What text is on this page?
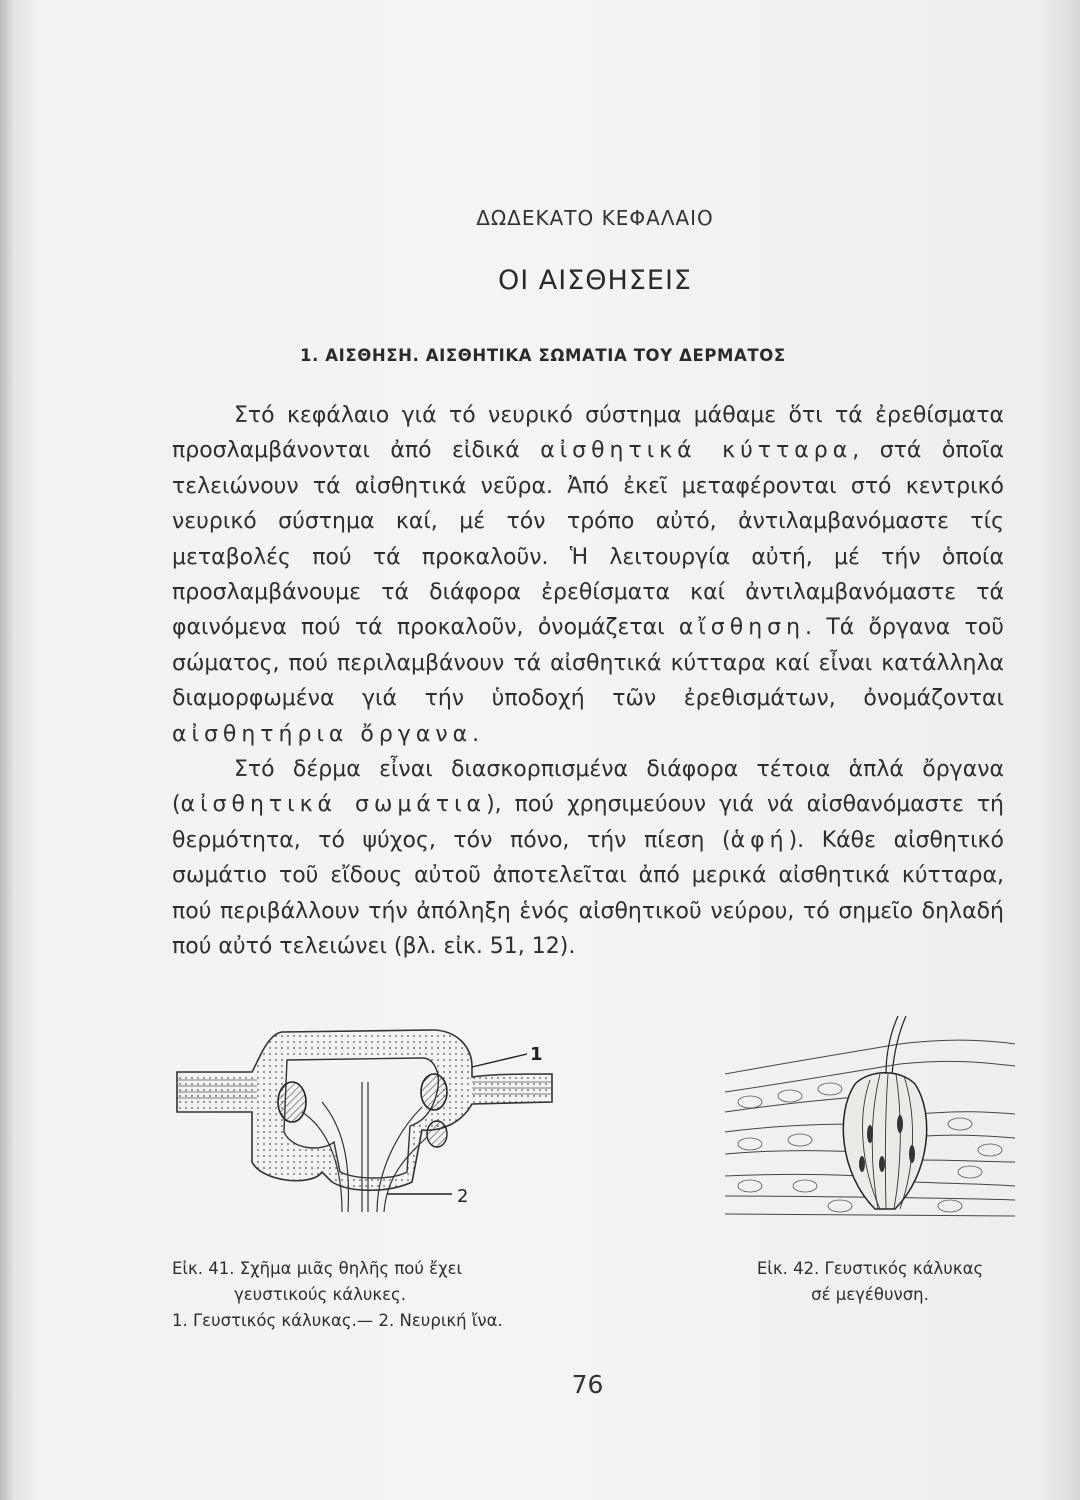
ΔΩΔΕΚΑΤΟ ΚΕΦΑΛΑΙΟ
ΟΙ ΑΙΣΘΗΣΕΙΣ
1. ΑΙΣΘΗΣΗ. ΑΙΣΘΗΤΙΚΑ ΣΩΜΑΤΙΑ ΤΟΥ ΔΕΡΜΑΤΟΣ

Στό κεφάλαιο γιά τό νευρικό σύστημα μάθαμε ὅτι τά ἐρεθίσματα προσλαμβάνονται ἀπό εἰδικά αἰσθητικά κύτταρα, στά ὁποῖα τελειώνουν τά αἰσθητικά νεῦρα. Ἀπό ἐκεῖ μεταφέρονται στό κεντρικό νευρικό σύστημα καί, μέ τόν τρόπο αὐτό, ἀντιλαμβανόμαστε τίς μεταβολές πού τά προκαλοῦν. Ἡ λειτουργία αὐτή, μέ τήν ὁποία προσλαμβάνουμε τά διάφορα ἐρεθίσματα καί ἀντιλαμβανόμαστε τά φαινόμενα πού τά προκαλοῦν, ὀνομάζεται αἴσθηση. Τά ὄργανα τοῦ σώματος, πού περιλαμβάνουν τά αἰσθητικά κύτταρα καί εἶναι κατάλληλα διαμορφωμένα γιά τήν ὑποδοχή τῶν ἐρεθισμάτων, ὀνομάζονται αἰσθητήρια ὄργανα.

Στό δέρμα εἶναι διασκορπισμένα διάφορα τέτοια ἁπλά ὄργανα (αἰσθητικά σωμάτια), πού χρησιμεύουν γιά νά αἰσθανόμαστε τή θερμότητα, τό ψύχος, τόν πόνο, τήν πίεση (ἁφή). Κάθε αἰσθητικό σωμάτιο τοῦ εἴδους αὐτοῦ ἀποτελεῖται ἀπό μερικά αἰσθητικά κύτταρα, πού περιβάλλουν τήν ἀπόληξη ἑνός αἰσθητικοῦ νεύρου, τό σημεῖο δηλαδή πού αὐτό τελειώνει (βλ. εἰκ. 51, 12).

1
2
Εἰκ. 41. Σχῆμα μιᾶς θηλῆς πού ἔχει
γευστικούς κάλυκες.
1. Γευστικός κάλυκας.— 2. Νευρική ἴνα.
Εἰκ. 42. Γευστικός κάλυκας
σέ μεγέθυνση.
76
